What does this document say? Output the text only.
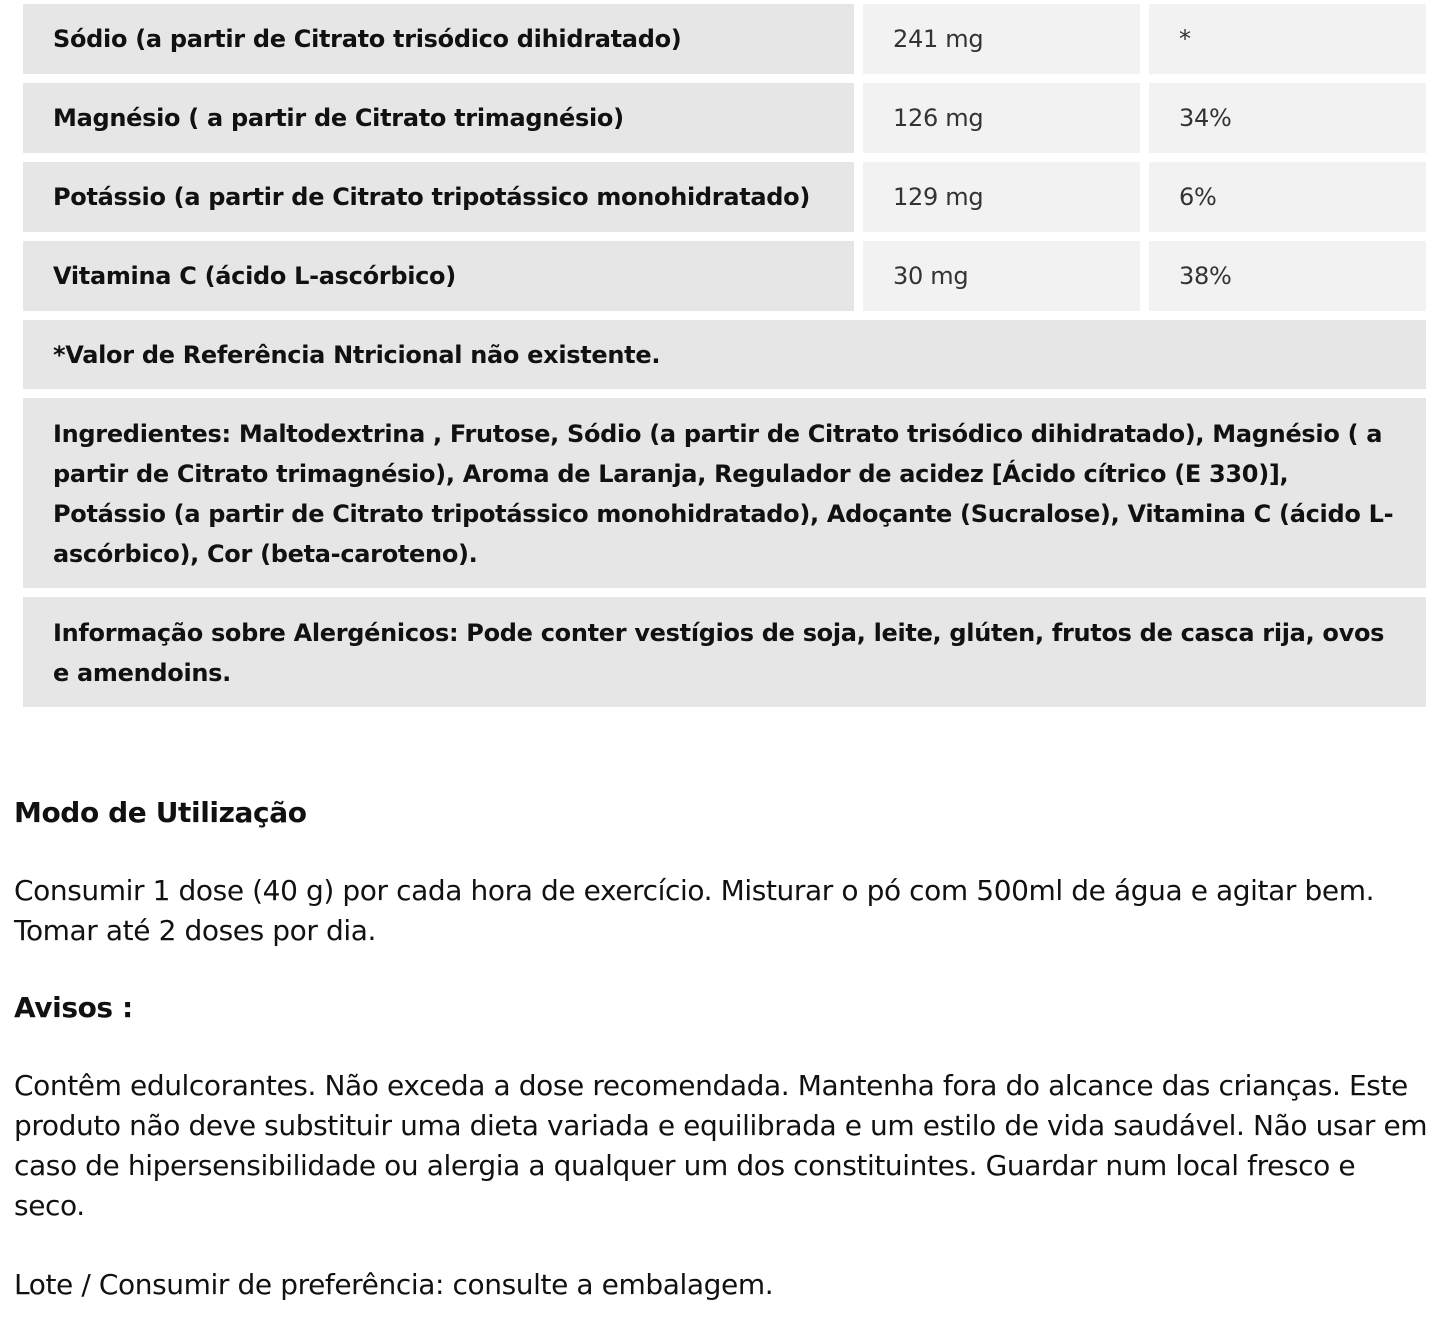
Sódio (a partir de Citrato trisódico dihidratado)	241 mg	*
Magnésio ( a partir de Citrato trimagnésio)	126 mg	34%
Potássio (a partir de Citrato tripotássico monohidratado)	129 mg	6%
Vitamina C (ácido L-ascórbico)	30 mg	38%
*Valor de Referência Ntricional não existente.
Ingredientes: Maltodextrina , Frutose, Sódio (a partir de Citrato trisódico dihidratado), Magnésio ( a partir de Citrato trimagnésio), Aroma de Laranja, Regulador de acidez [Ácido cítrico (E 330)], Potássio (a partir de Citrato tripotássico monohidratado), Adoçante (Sucralose), Vitamina C (ácido L-ascórbico), Cor (beta-caroteno).
Informação sobre Alergénicos: Pode conter vestígios de soja, leite, glúten, frutos de casca rija, ovos e amendoins.
Modo de Utilização
Consumir 1 dose (40 g) por cada hora de exercício. Misturar o pó com 500ml de água e agitar bem. Tomar até 2 doses por dia.
Avisos :
Contêm edulcorantes. Não exceda a dose recomendada. Mantenha fora do alcance das crianças. Este produto não deve substituir uma dieta variada e equilibrada e um estilo de vida saudável. Não usar em caso de hipersensibilidade ou alergia a qualquer um dos constituintes. Guardar num local fresco e seco.
Lote / Consumir de preferência: consulte a embalagem.
